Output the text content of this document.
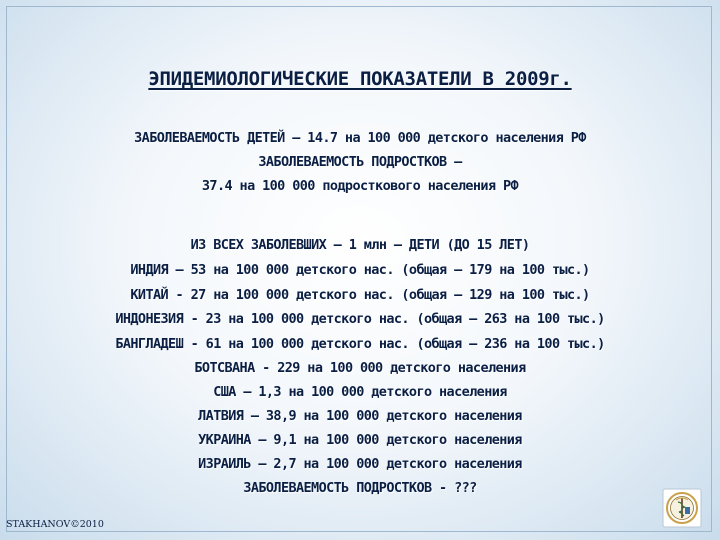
ЭПИДЕМИОЛОГИЧЕСКИЕ ПОКАЗАТЕЛИ В 2009г.
ЗАБОЛЕВАЕМОСТЬ ДЕТЕЙ – 14.7 на 100 000 детского населения РФ
ЗАБОЛЕВАЕМОСТЬ ПОДРОСТКОВ –
37.4 на 100 000 подросткового населения РФ
ИЗ ВСЕХ ЗАБОЛЕВШИХ – 1 млн – ДЕТИ (ДО 15 ЛЕТ)
ИНДИЯ – 53 на 100 000 детского нас. (общая – 179 на 100 тыс.)
КИТАЙ - 27 на 100 000 детского нас. (общая – 129 на 100 тыс.)
ИНДОНЕЗИЯ - 23 на 100 000 детского нас. (общая – 263 на 100 тыс.)
БАНГЛАДЕШ - 61 на 100 000 детского нас. (общая – 236 на 100 тыс.)
БОТСВАНА - 229 на 100 000 детского населения
США – 1,3 на 100 000 детского населения
ЛАТВИЯ – 38,9 на 100 000 детского населения
УКРАИНА – 9,1 на 100 000 детского населения
ИЗРАИЛЬ – 2,7 на 100 000 детского населения
ЗАБОЛЕВАЕМОСТЬ ПОДРОСТКОВ - ???
STAKHANOV©2010
